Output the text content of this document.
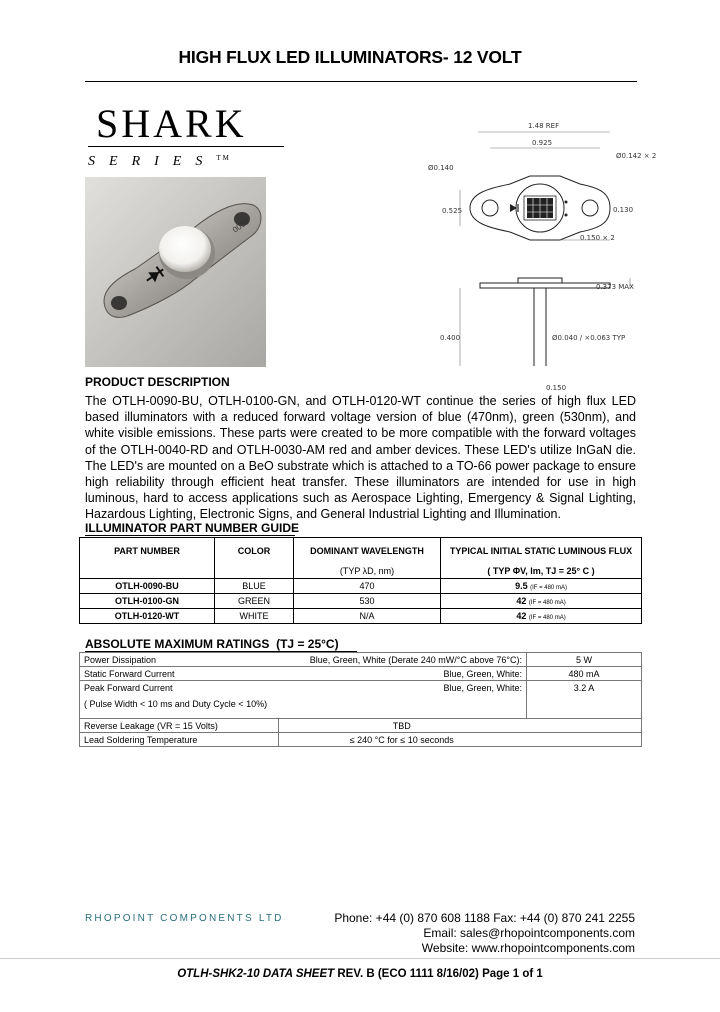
HIGH FLUX LED ILLUMINATORS- 12 VOLT
SHARK
S E R I E S ™
0090
1.48 REF
0.925
Ø0.140
Ø0.142 × 2
0.525	0.130
0.150 × 2
0.373 MAX
0.400	Ø0.040 / ×0.063 TYP
0.150
PRODUCT DESCRIPTION
The OTLH-0090-BU, OTLH-0100-GN, and OTLH-0120-WT continue the series of high flux LED based illuminators with a reduced forward voltage version of blue (470nm), green (530nm), and white visible emissions. These parts were created to be more compatible with the forward voltages of the OTLH-0040-RD and OTLH-0030-AM red and amber devices. These LED's utilize InGaN die. The LED's are mounted on a BeO substrate which is attached to a TO-66 power package to ensure high reliability through efficient heat transfer. These illuminators are intended for use in high luminous, hard to access applications such as Aerospace Lighting, Emergency & Signal Lighting, Hazardous Lighting, Electronic Signs, and General Industrial Lighting and Illumination.
ILLUMINATOR PART NUMBER GUIDE
PART NUMBER	COLOR	DOMINANT WAVELENGTH	TYPICAL INITIAL STATIC LUMINOUS FLUX
		(TYP λD, nm)	( TYP ΦV, lm, TJ = 25° C )
OTLH-0090-BU	BLUE	470	9.5 (IF = 480 mA)
OTLH-0100-GN	GREEN	530	42 (IF = 480 mA)
OTLH-0120-WT	WHITE	N/A	42 (IF = 480 mA)
ABSOLUTE MAXIMUM RATINGS (TJ = 25°C)
Power Dissipation	Blue, Green, White (Derate 240 mW/°C above 76°C):	5 W
Static Forward Current	Blue, Green, White:	480 mA

Peak Forward Current
( Pulse Width < 10 ms and Duty Cycle < 10%)	Blue, Green, White:	3.2 A
Reverse Leakage (VR = 15 Volts)	TBD	
Lead Soldering Temperature	≤ 240 °C for ≤ 10 seconds	
RHOPOINT COMPONENTS LTD	Phone: +44 (0) 870 608 1188 Fax: +44 (0) 870 241 2255
Email: sales@rhopointcomponents.com
Website: www.rhopointcomponents.com
OTLH-SHK2-10 DATA SHEET REV. B (ECO 1111 8/16/02) Page 1 of 1
